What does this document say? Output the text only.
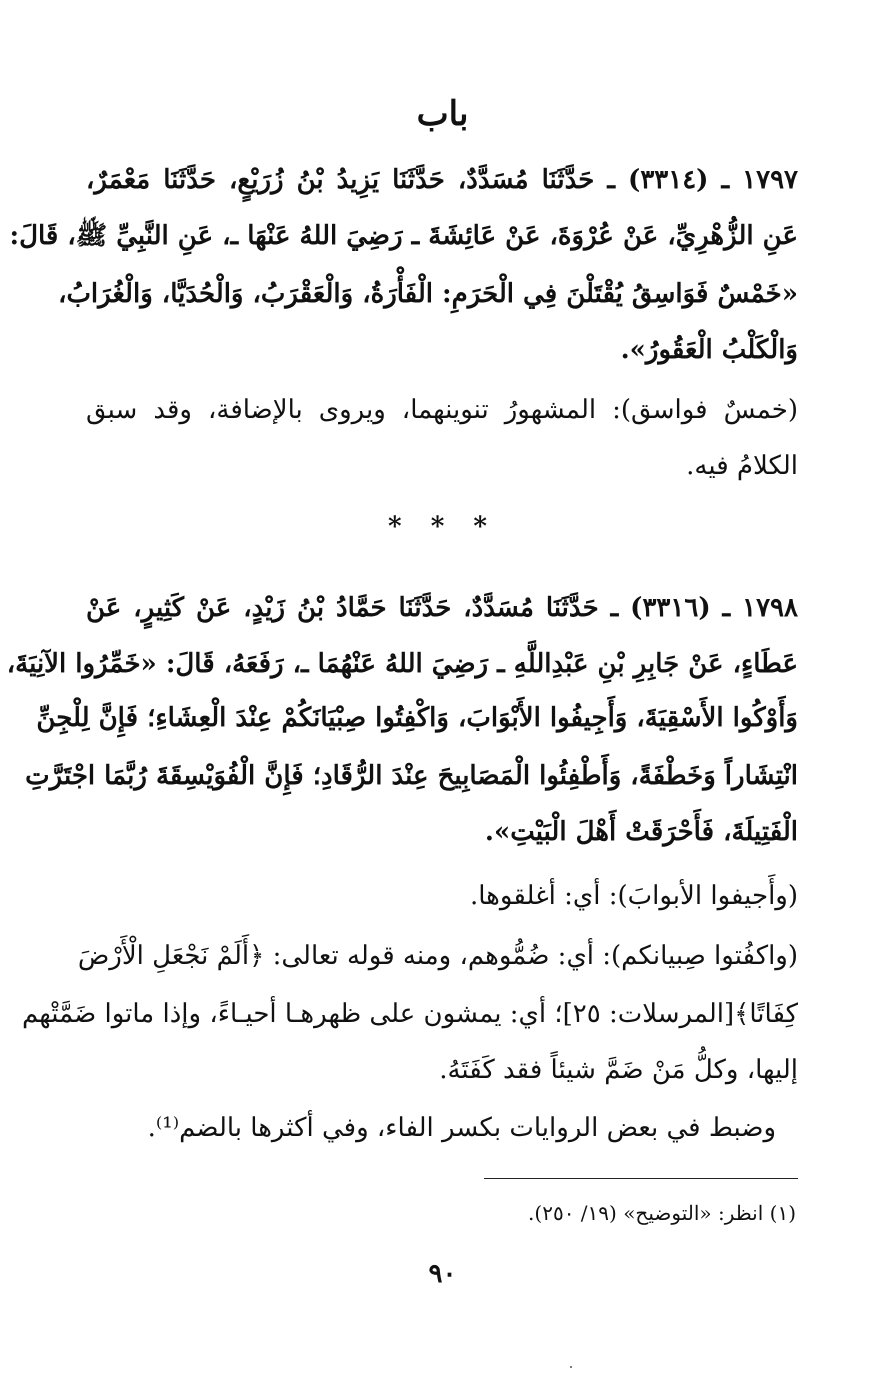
باب
١٧٩٧ ـ (٣٣١٤) ـ حَدَّثَنَا مُسَدَّدٌ، حَدَّثَنَا يَزِيدُ بْنُ زُرَيْعٍ، حَدَّثَنَا مَعْمَرٌ،
عَنِ الزُّهْرِيِّ، عَنْ عُرْوَةَ، عَنْ عَائِشَةَ ـ رَضِيَ اللهُ عَنْهَا ـ، عَنِ النَّبِيِّ ﷺ، قَالَ:
«خَمْسٌ فَوَاسِقُ يُقْتَلْنَ فِي الْحَرَمِ: الْفَأْرَةُ، وَالْعَقْرَبُ، وَالْحُدَيَّا، وَالْغُرَابُ،
وَالْكَلْبُ الْعَقُورُ».
(خمسٌ فواسق): المشهورُ تنوينهما، ويروى بالإضافة، وقد سبق
الكلامُ فيه.
* * *
١٧٩٨ ـ (٣٣١٦) ـ حَدَّثَنَا مُسَدَّدٌ، حَدَّثَنَا حَمَّادُ بْنُ زَيْدٍ، عَنْ كَثِيرٍ، عَنْ
عَطَاءٍ، عَنْ جَابِرِ بْنِ عَبْدِاللَّهِ ـ رَضِيَ اللهُ عَنْهُمَا ـ، رَفَعَهُ، قَالَ: «خَمِّرُوا الآنِيَةَ،
وَأَوْكُوا الأَسْقِيَةَ، وَأَجِيفُوا الأَبْوَابَ، وَاكْفِتُوا صِبْيَانَكُمْ عِنْدَ الْعِشَاءِ؛ فَإِنَّ لِلْجِنِّ
انْتِشَاراً وَخَطْفَةً، وَأَطْفِئُوا الْمَصَابِيحَ عِنْدَ الرُّقَادِ؛ فَإِنَّ الْفُوَيْسِقَةَ رُبَّمَا اجْتَرَّتِ
الْفَتِيلَةَ، فَأَحْرَقَتْ أَهْلَ الْبَيْتِ».
(وأَجيفوا الأبوابَ): أي: أغلقوها.
(واكفُتوا صِبيانكم): أي: ضُمُّوهم، ومنه قوله تعالى: ﴿أَلَمْ نَجْعَلِ الْأَرْضَ
كِفَاتًا﴾[المرسلات: ٢٥]؛ أي: يمشون على ظهرهـا أحيـاءً، وإذا ماتوا ضَمَّتْهم
إليها، وكلُّ مَنْ ضَمَّ شيئاً فقد كَفَتَهُ.
وضبط في بعض الروايات بكسر الفاء، وفي أكثرها بالضم⁽¹⁾.
(١) انظر: «التوضيح» (١٩/ ٢٥٠).
٩٠
